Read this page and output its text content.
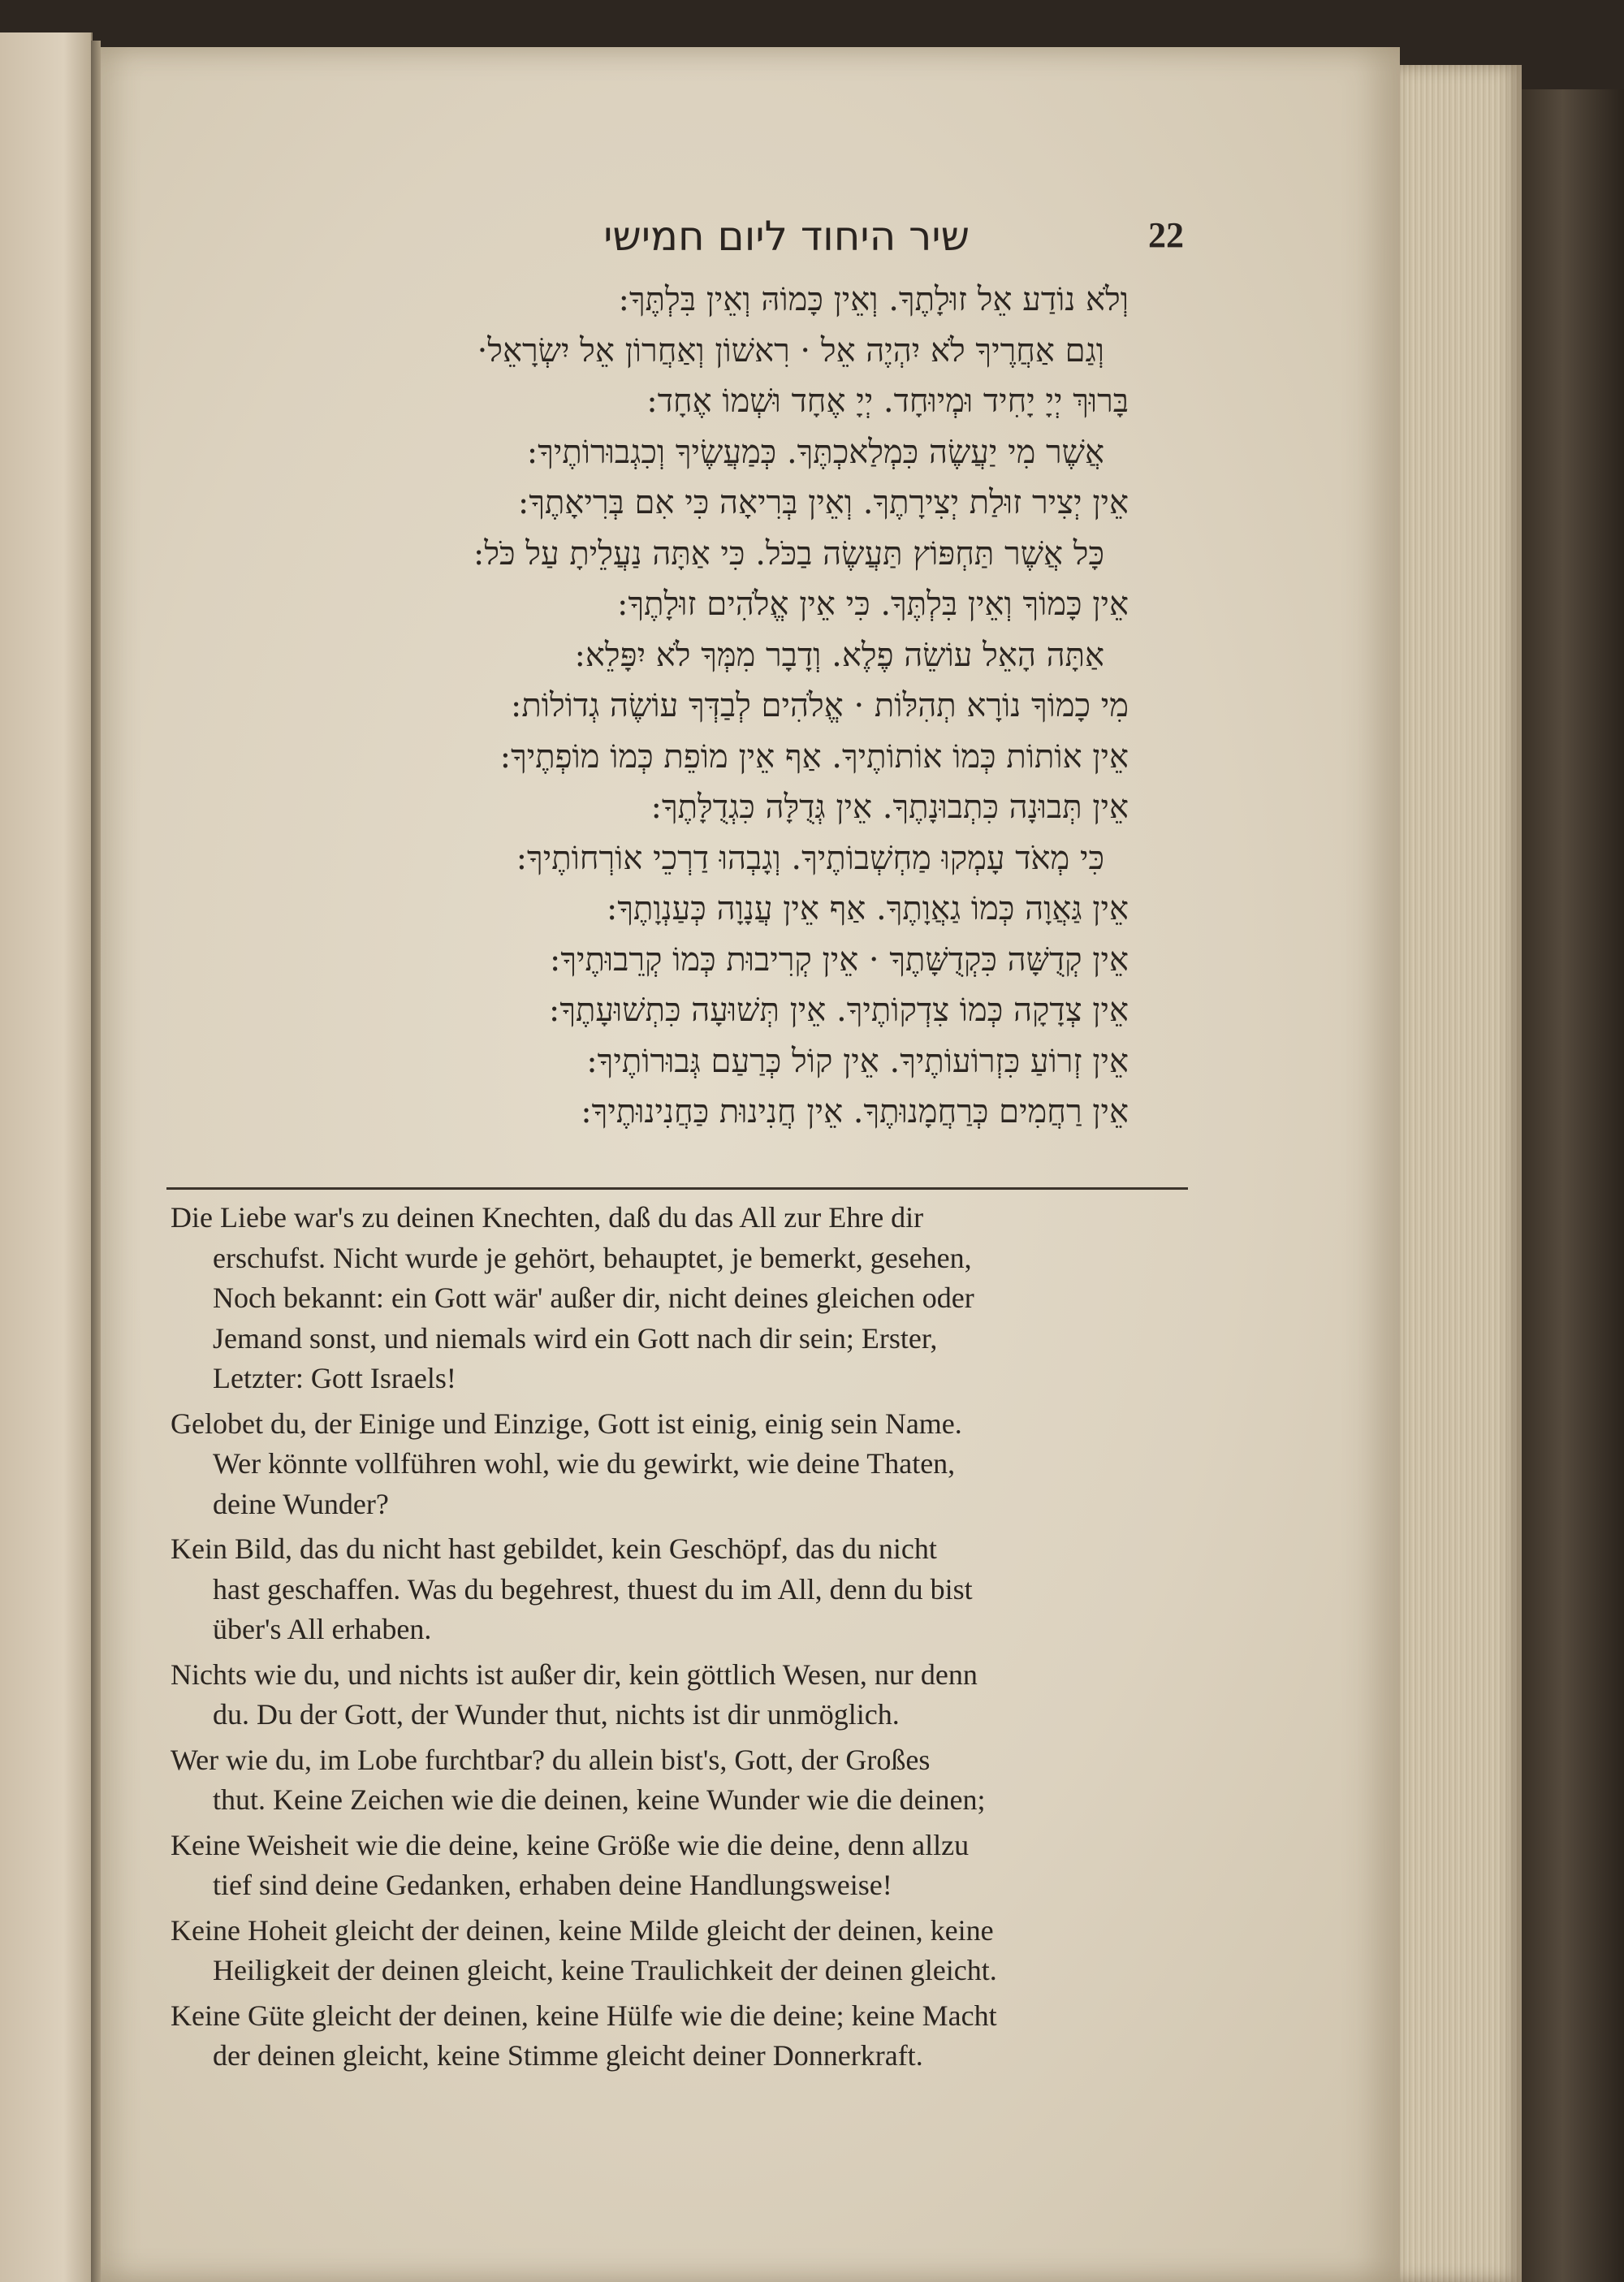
שיר היחוד ליום חמישי	22
וְלֹא נוֹדַע אֵל זוּלָתֶךָ. וְאֵין כָּמוֹהּ וְאֵין בִּלְתֶּךָ:
וְגַם אַחֲרֶיךָ לֹא יִהְיֶה אֵל · רִאשׁוֹן וְאַחֲרוֹן אֵל יִשְׂרָאֵל·
בָּרוּךְ יְיָ יָחִיד וּמְיוּחָד. יְיָ אֶחָד וּשְׁמוֹ אֶחָד:
אֲשֶׁר מִי יַעֲשֶׂה כִּמְלַאכְתֶּךָ. כְּמַעֲשֶׂיךָ וְכִגְבוּרוֹתֶיךָ:
אֵין יְצִיר זוּלַת יְצִירָתֶךָ. וְאֵין בְּרִיאָה כִּי אִם בְּרִיאָתֶךָ:
כָּל אֲשֶׁר תַּחְפּוֹץ תַּעֲשֶׂה בַכֹּל. כִּי אַתָּה נַעֲלֵיתָ עַל כֹּל:
אֵין כָּמוֹךָ וְאֵין בִּלְתֶּךָ. כִּי אֵין אֱלֹהִים זוּלָתֶךָ:
אַתָּה הָאֵל עוֹשֵׂה פֶלֶא. וְדָבָר מִמְּךָ לֹא יִפָּלֵא:
מִי כָמוֹךָ נוֹרָא תְהִלּוֹת · אֱלֹהִים לְבַדְּךָ עוֹשֶׂה גְדוֹלוֹת:
אֵין אוֹתוֹת כְּמוֹ אוֹתוֹתֶיךָ. אַף אֵין מוֹפֵת כְּמוֹ מוֹפְתֶיךָ:
אֵין תְּבוּנָה כִּתְבוּנָתֶךָ. אֵין גְּדֻלָּה כִּגְדֻלָּתֶךָ:
כִּי מְאֹד עָמְקוּ מַחְשְׁבוֹתֶיךָ. וְגָבְהוּ דַרְכֵי אוֹרְחוֹתֶיךָ:
אֵין גַּאֲוָה כְּמוֹ גַאֲוָתֶךָ. אַף אֵין עֲנָוָה כְּעַנְוָתֶךָ:
אֵין קְדֻשָּׁה כִּקְדֻשָּׁתֶךָ · אֵין קְרִיבוּת כְּמוֹ קְרֵבוּתֶיךָ:
אֵין צְדָקָה כְּמוֹ צִדְקוֹתֶיךָ. אֵין תְּשׁוּעָה כִּתְשׁוּעָתֶךָ:
אֵין זְרוֹעַ כִּזְרוֹעוֹתֶיךָ. אֵין קוֹל כְּרַעַם גְּבוּרוֹתֶיךָ:
אֵין רַחֲמִים כְּרַחֲמָנוּתֶךָ. אֵין חֲנִינוּת כַּחֲנִינוּתֶיךָ:
Die Liebe war's zu deinen Knechten, daß du das All zur Ehre dir
erschufst. Nicht wurde je gehört, behauptet, je bemerkt, gesehen,
Noch bekannt: ein Gott wär' außer dir, nicht deines gleichen oder
Jemand sonst, und niemals wird ein Gott nach dir sein; Erster,
Letzter: Gott Israels!
Gelobet du, der Einige und Einzige, Gott ist einig, einig sein Name.
Wer könnte vollführen wohl, wie du gewirkt, wie deine Thaten,
deine Wunder?
Kein Bild, das du nicht hast gebildet, kein Geschöpf, das du nicht
hast geschaffen. Was du begehrest, thuest du im All, denn du bist
über's All erhaben.
Nichts wie du, und nichts ist außer dir, kein göttlich Wesen, nur denn
du. Du der Gott, der Wunder thut, nichts ist dir unmöglich.
Wer wie du, im Lobe furchtbar? du allein bist's, Gott, der Großes
thut. Keine Zeichen wie die deinen, keine Wunder wie die deinen;
Keine Weisheit wie die deine, keine Größe wie die deine, denn allzu
tief sind deine Gedanken, erhaben deine Handlungsweise!
Keine Hoheit gleicht der deinen, keine Milde gleicht der deinen, keine
Heiligkeit der deinen gleicht, keine Traulichkeit der deinen gleicht.
Keine Güte gleicht der deinen, keine Hülfe wie die deine; keine Macht
der deinen gleicht, keine Stimme gleicht deiner Donnerkraft.
